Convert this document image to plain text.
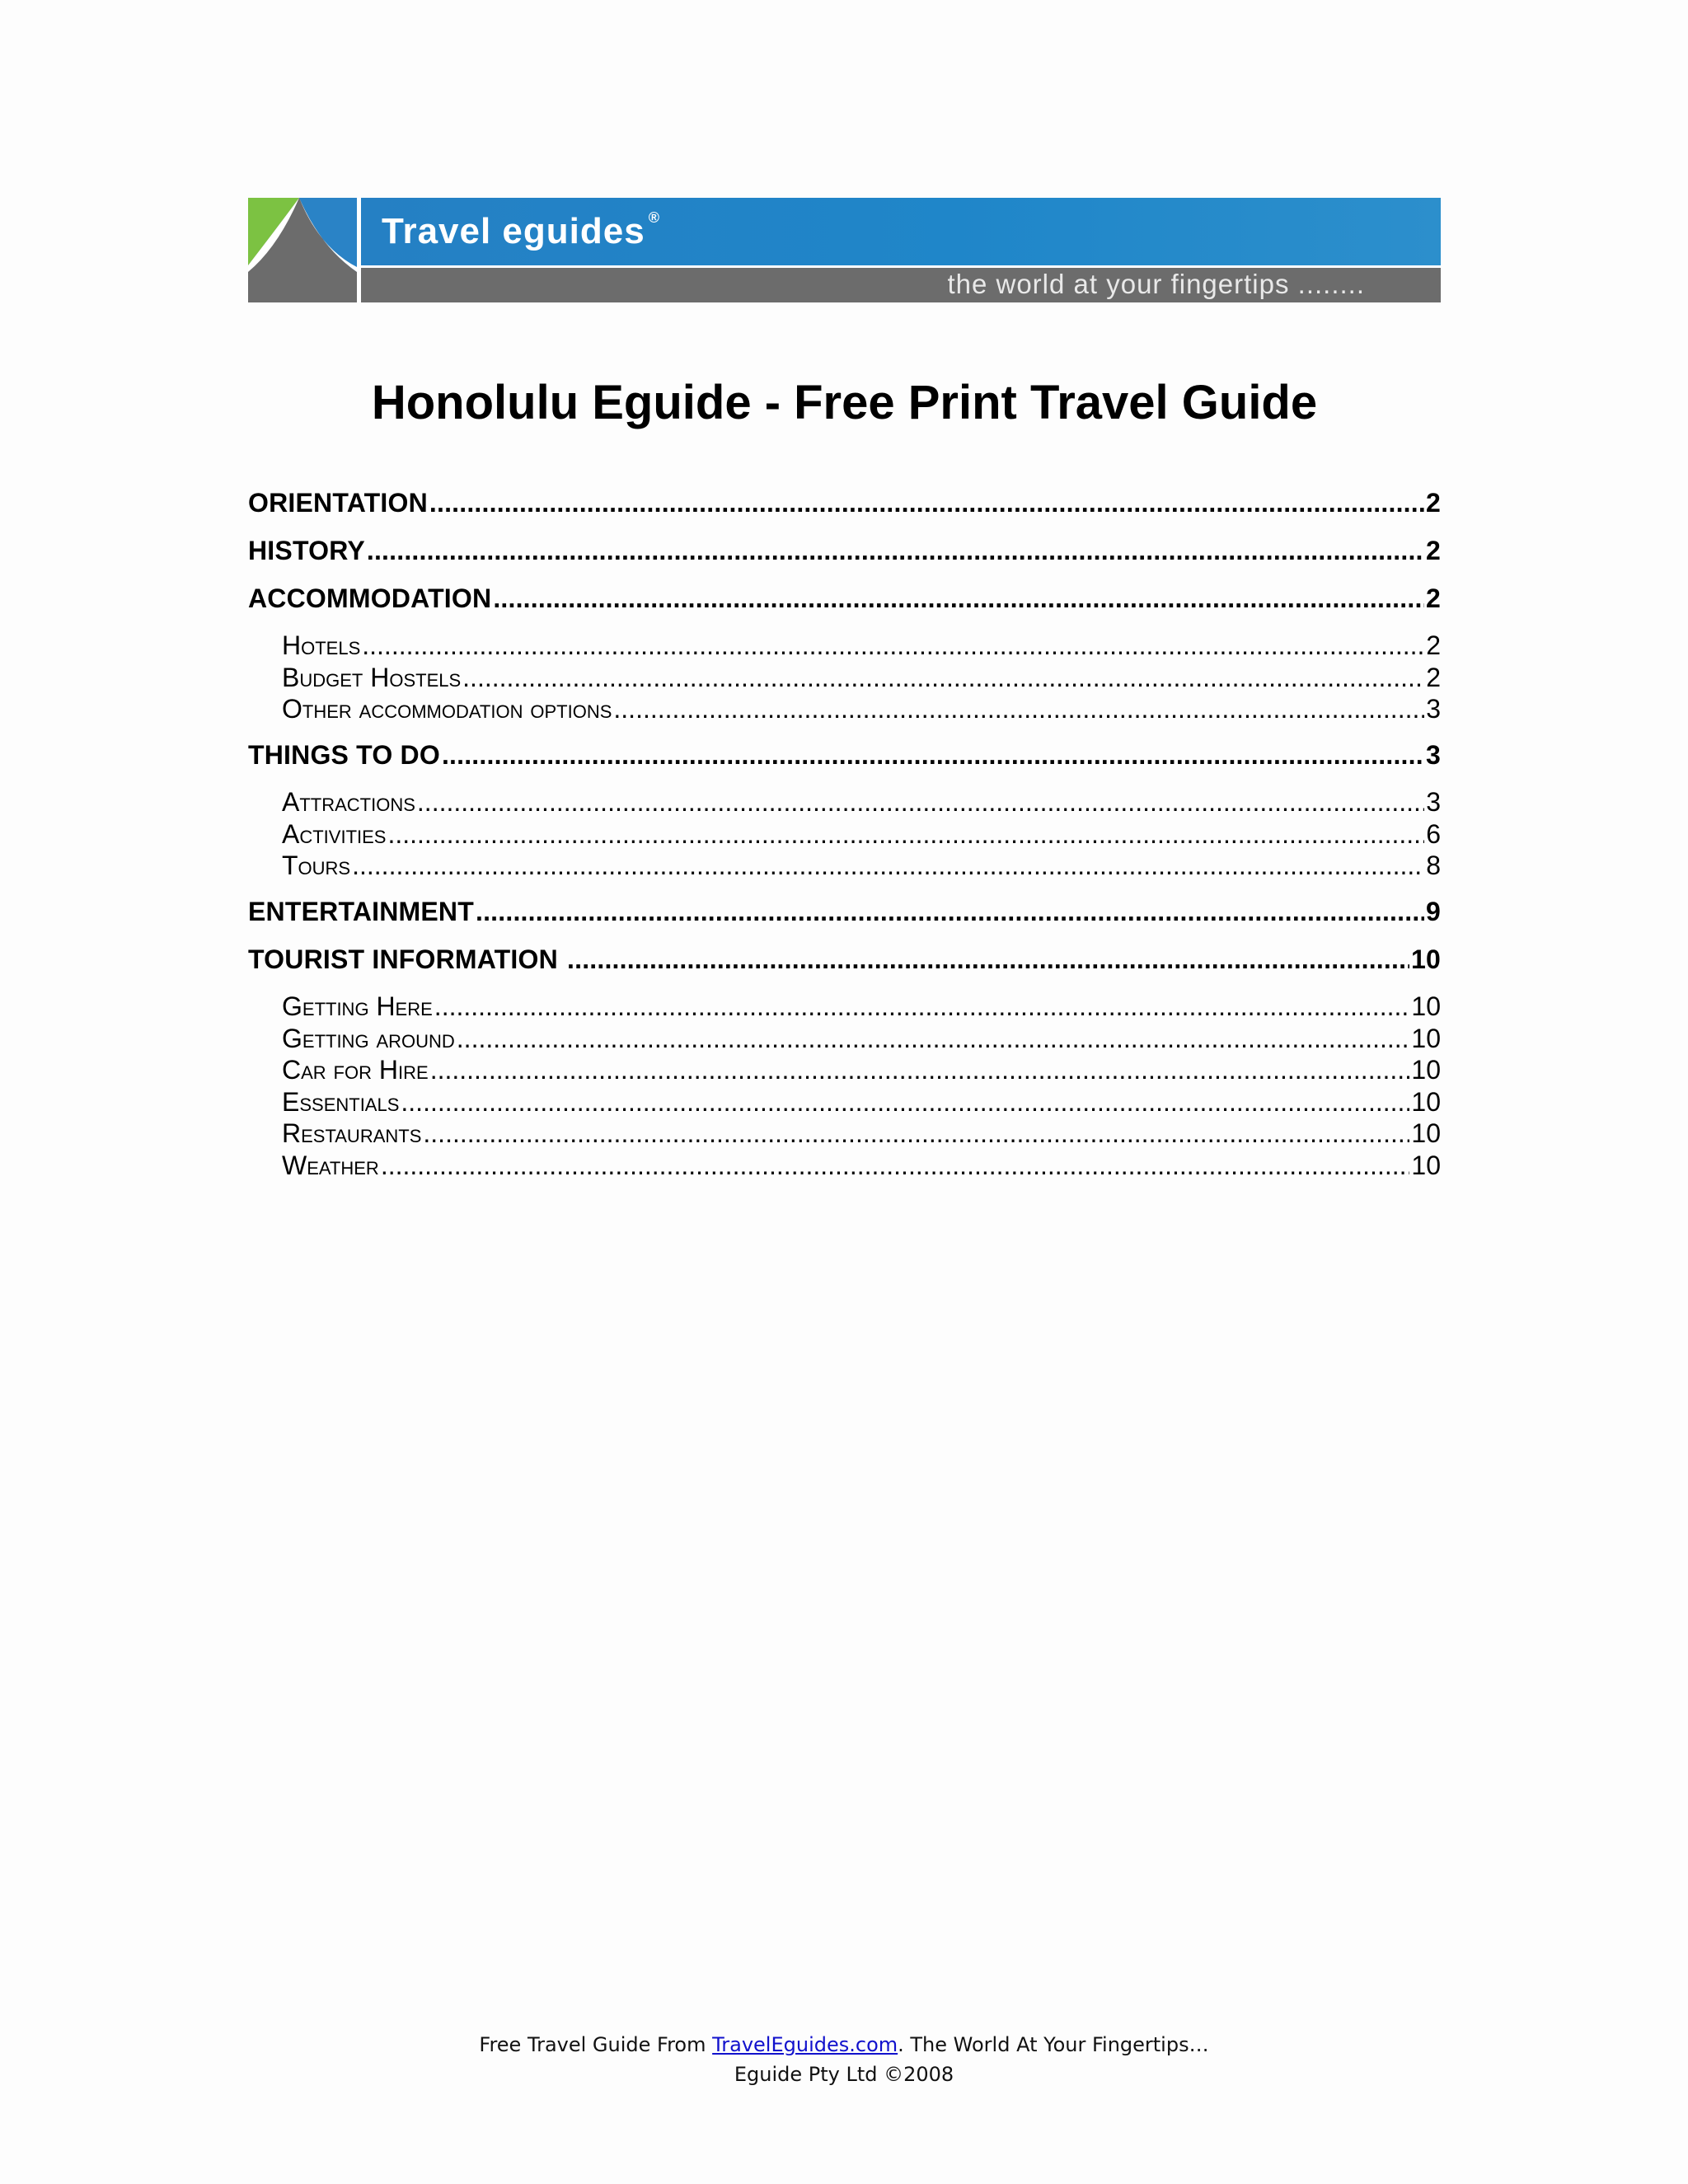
Travel eguides ®
the world at your fingertips ........
Honolulu Eguide - Free Print Travel Guide
ORIENTATION .....	2
HISTORY .....	2
ACCOMMODATION .....	2
Hotels .....	2
Budget Hostels .....	2
Other accommodation options .....	3
THINGS TO DO .....	3
Attractions .....	3
Activities .....	6
Tours .....	8
ENTERTAINMENT .....	9
TOURIST INFORMATION .....	10
Getting Here .....	10
Getting around .....	10
Car for Hire .....	10
Essentials .....	10
Restaurants .....	10
Weather .....	10
Free Travel Guide From TravelEguides.com. The World At Your Fingertips…
Eguide Pty Ltd ©2008
